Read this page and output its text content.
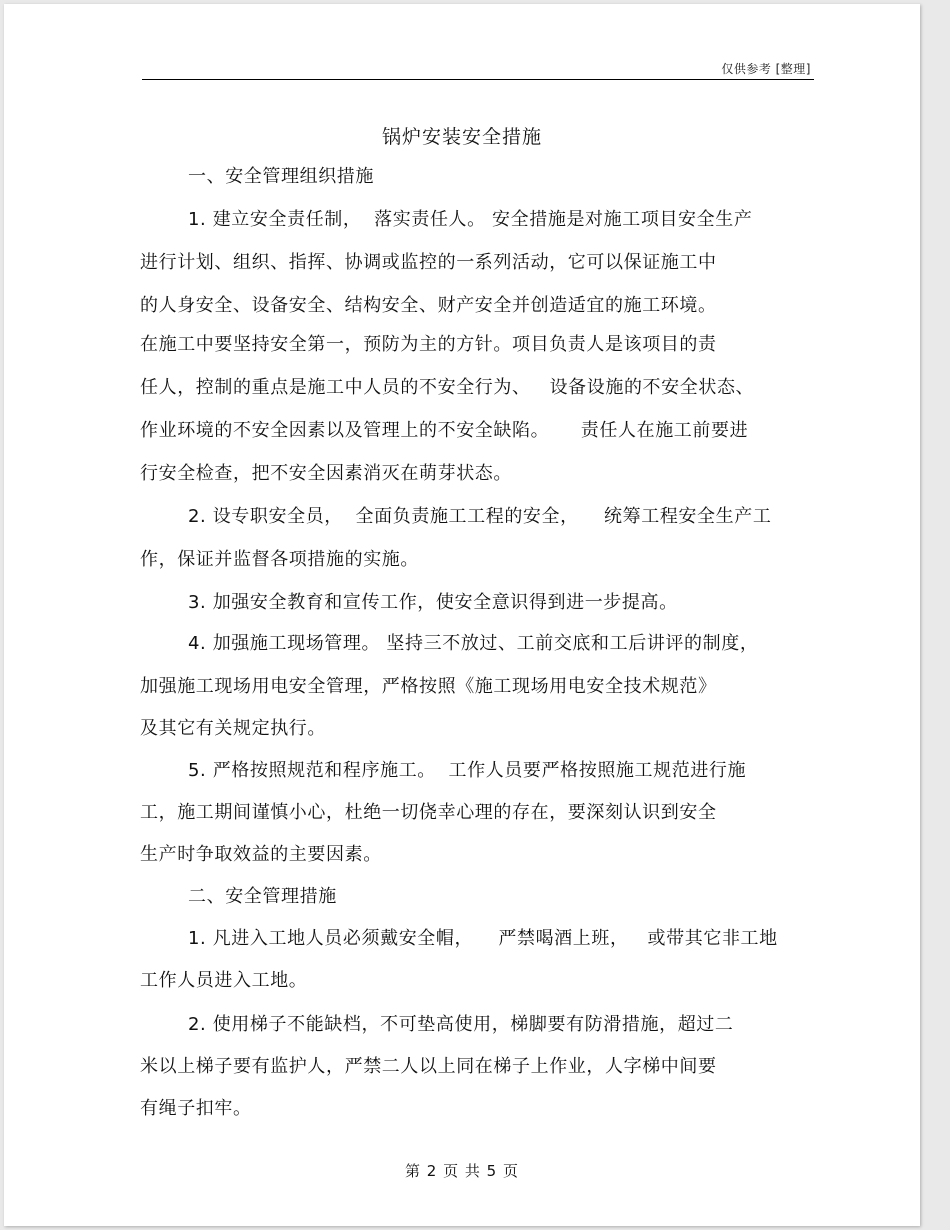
仅供参考 [整理]
锅炉安装安全措施
一、安全管理组织措施
1. 建立安全责任制，  落实责任人。 安全措施是对施工项目安全生产
进行计划、组织、指挥、协调或监控的一系列活动，它可以保证施工中
的人身安全、设备安全、结构安全、财产安全并创造适宜的施工环境。
在施工中要坚持安全第一，预防为主的方针。项目负责人是该项目的责
任人，控制的重点是施工中人员的不安全行为、   设备设施的不安全状态、
作业环境的不安全因素以及管理上的不安全缺陷。     责任人在施工前要进
行安全检查，把不安全因素消灭在萌芽状态。
2. 设专职安全员，  全面负责施工工程的安全，    统筹工程安全生产工
作，保证并监督各项措施的实施。
3. 加强安全教育和宣传工作，使安全意识得到进一步提高。
4. 加强施工现场管理。 坚持三不放过、工前交底和工后讲评的制度，
加强施工现场用电安全管理，严格按照《施工现场用电安全技术规范》
及其它有关规定执行。
5. 严格按照规范和程序施工。  工作人员要严格按照施工规范进行施
工，施工期间谨慎小心，杜绝一切侥幸心理的存在，要深刻认识到安全
生产时争取效益的主要因素。
二、安全管理措施
1. 凡进入工地人员必须戴安全帽，    严禁喝酒上班，   或带其它非工地
工作人员进入工地。
2. 使用梯子不能缺档，不可垫高使用，梯脚要有防滑措施，超过二
米以上梯子要有监护人，严禁二人以上同在梯子上作业，人字梯中间要
有绳子扣牢。
第 2 页 共 5 页
